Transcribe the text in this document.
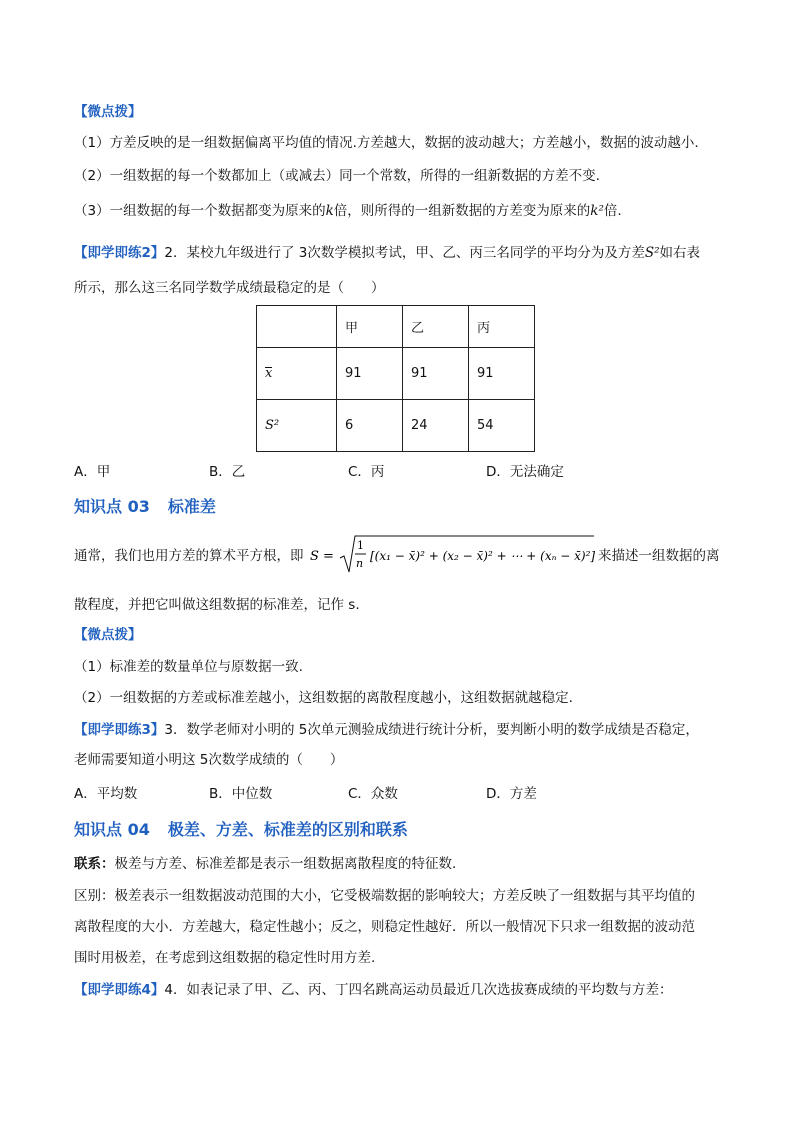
【微点拨】
（1）方差反映的是一组数据偏离平均值的情况.方差越大，数据的波动越大；方差越小，数据的波动越小.
（2）一组数据的每一个数都加上（或减去）同一个常数，所得的一组新数据的方差不变.
（3）一组数据的每一个数据都变为原来的k倍，则所得的一组新数据的方差变为原来的k²倍.
【即学即练2】2．某校九年级进行了 3次数学模拟考试，甲、乙、丙三名同学的平均分为及方差S²如右表
所示，那么这三名同学数学成绩最稳定的是（　　）
	甲	乙	丙
x	91	91	91
S²	6	24	54
A．甲	B．乙	C．丙	D．无法确定
知识点 03 标准差
通常，我们也用方差的算术平方根，即 S =
1
n
[(x₁ − x̄)² + (x₂ − x̄)² + ⋯ + (xₙ − x̄)²] 来描述一组数据的离
散程度，并把它叫做这组数据的标准差，记作 s.
【微点拨】
（1）标准差的数量单位与原数据一致.
（2）一组数据的方差或标准差越小，这组数据的离散程度越小，这组数据就越稳定.
【即学即练3】3．数学老师对小明的 5次单元测验成绩进行统计分析，要判断小明的数学成绩是否稳定，
老师需要知道小明这 5次数学成绩的（　　）
A．平均数	B．中位数	C．众数	D．方差
知识点 04 极差、方差、标准差的区别和联系
联系：极差与方差、标准差都是表示一组数据离散程度的特征数.
区别：极差表示一组数据波动范围的大小，它受极端数据的影响较大；方差反映了一组数据与其平均值的
离散程度的大小．方差越大，稳定性越小；反之，则稳定性越好．所以一般情况下只求一组数据的波动范
围时用极差，在考虑到这组数据的稳定性时用方差.
【即学即练4】4．如表记录了甲、乙、丙、丁四名跳高运动员最近几次选拔赛成绩的平均数与方差：
